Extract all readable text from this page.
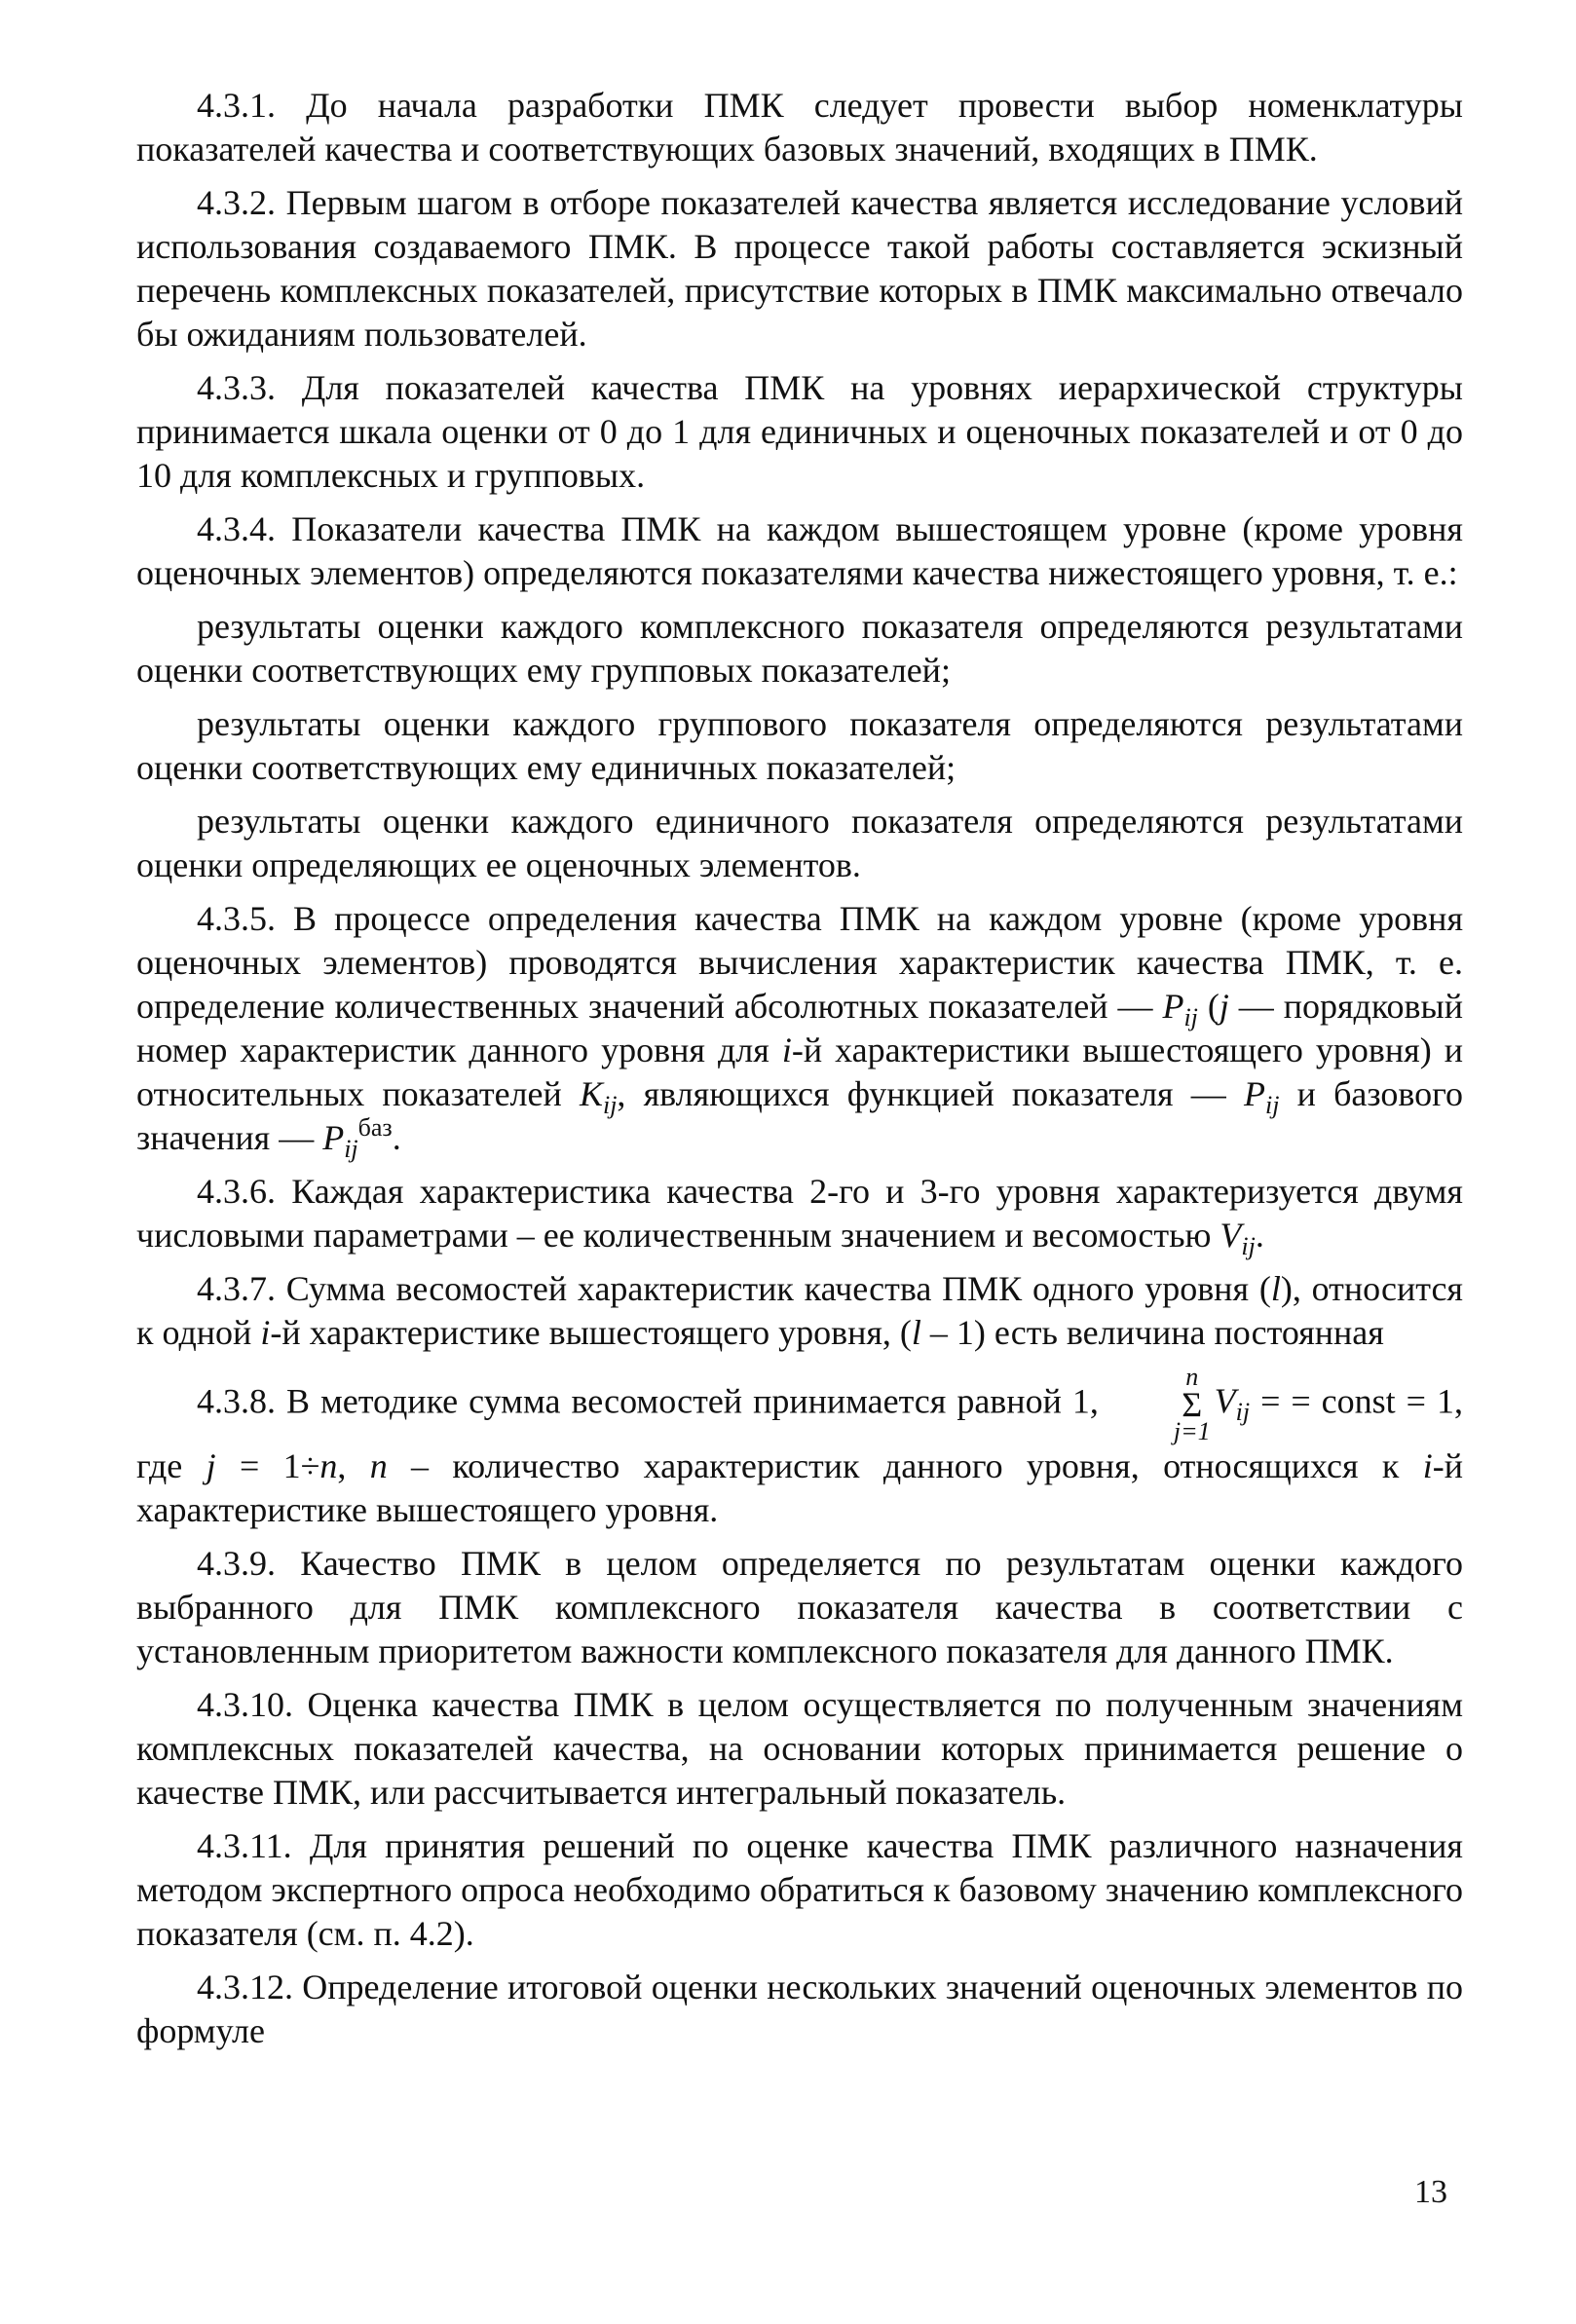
4.3.1. До начала разработки ПМК следует провести выбор номенклатуры показателей качества и соответствующих базовых значений, входящих в ПМК.

4.3.2. Первым шагом в отборе показателей качества является исследование условий использования создаваемого ПМК. В процессе такой работы составляется эскизный перечень комплексных показателей, присутствие которых в ПМК максимально отвечало бы ожиданиям пользователей.

4.3.3. Для показателей качества ПМК на уровнях иерархической структуры принимается шкала оценки от 0 до 1 для единичных и оценочных показателей и от 0 до 10 для комплексных и групповых.

4.3.4. Показатели качества ПМК на каждом вышестоящем уровне (кроме уровня оценочных элементов) определяются показателями качества нижестоящего уровня, т. е.:

результаты оценки каждого комплексного показателя определяются результатами оценки соответствующих ему групповых показателей;

результаты оценки каждого группового показателя определяются результатами оценки соответствующих ему единичных показателей;

результаты оценки каждого единичного показателя определяются результатами оценки определяющих ее оценочных элементов.

4.3.5. В процессе определения качества ПМК на каждом уровне (кроме уровня оценочных элементов) проводятся вычисления характеристик качества ПМК, т. е. определение количественных значений абсолютных показателей — $P_{ij}$ (j — порядковый номер характеристик данного уровня для i-й характеристики вышестоящего уровня) и относительных показателей $K_{ij}$, являющихся функцией показателя — $P_{ij}$ и базового значения — $P_{ij}^{баз}$.

4.3.6. Каждая характеристика качества 2-го и 3-го уровня характеризуется двумя числовыми параметрами – ее количественным значением и весомостью $V_{ij}$.

4.3.7. Сумма весомостей характеристик качества ПМК одного уровня (l), относится к одной i-й характеристике вышестоящего уровня, (l – 1) есть величина постоянная

4.3.8. В методике сумма весомостей принимается равной 1,
n
Σ
j=1
$V_{ij}$ = = const = 1, где j = 1÷n, n – количество характеристик данного уровня, относящихся к i-й характеристике вышестоящего уровня.

4.3.9. Качество ПМК в целом определяется по результатам оценки каждого выбранного для ПМК комплексного показателя качества в соответствии с установленным приоритетом важности комплексного показателя для данного ПМК.

4.3.10. Оценка качества ПМК в целом осуществляется по полученным значениям комплексных показателей качества, на основании которых принимается решение о качестве ПМК, или рассчитывается интегральный показатель.

4.3.11. Для принятия решений по оценке качества ПМК различного назначения методом экспертного опроса необходимо обратиться к базовому значению комплексного показателя (см. п. 4.2).

4.3.12. Определение итоговой оценки нескольких значений оценочных элементов по формуле

13
